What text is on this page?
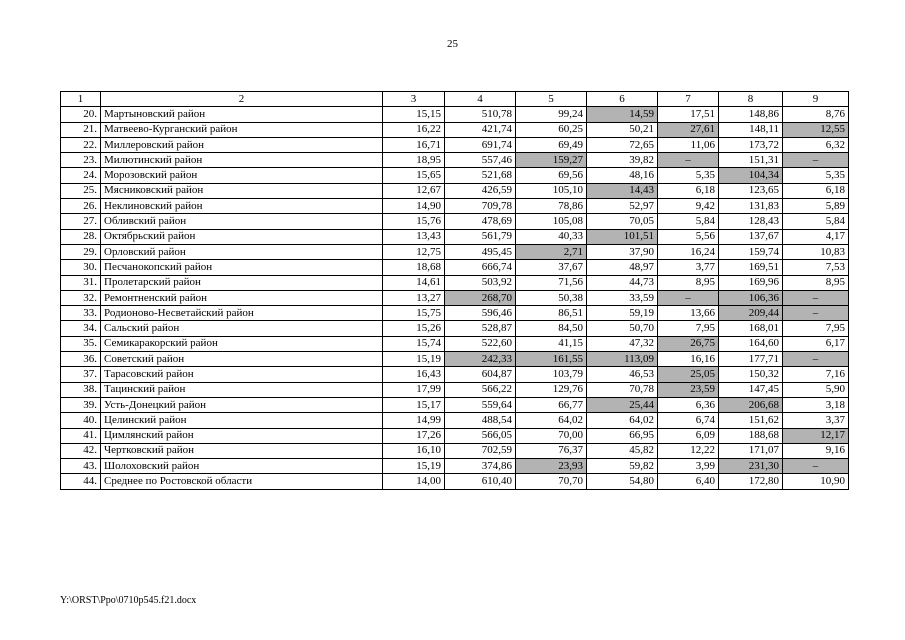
25
1	2	3	4	5	6	7	8	9
20.	Мартыновский район	15,15	510,78	99,24	14,59	17,51	148,86	8,76
21.	Матвеево-Курганский район	16,22	421,74	60,25	50,21	27,61	148,11	12,55
22.	Миллеровский район	16,71	691,74	69,49	72,65	11,06	173,72	6,32
23.	Милютинский район	18,95	557,46	159,27	39,82	–	151,31	–
24.	Морозовский район	15,65	521,68	69,56	48,16	5,35	104,34	5,35
25.	Мясниковский район	12,67	426,59	105,10	14,43	6,18	123,65	6,18
26.	Неклиновский район	14,90	709,78	78,86	52,97	9,42	131,83	5,89
27.	Обливский район	15,76	478,69	105,08	70,05	5,84	128,43	5,84
28.	Октябрьский район	13,43	561,79	40,33	101,51	5,56	137,67	4,17
29.	Орловский район	12,75	495,45	2,71	37,90	16,24	159,74	10,83
30.	Песчанокопский район	18,68	666,74	37,67	48,97	3,77	169,51	7,53
31.	Пролетарский район	14,61	503,92	71,56	44,73	8,95	169,96	8,95
32.	Ремонтненский район	13,27	268,70	50,38	33,59	–	106,36	–
33.	Родионово-Несветайский район	15,75	596,46	86,51	59,19	13,66	209,44	–
34.	Сальский район	15,26	528,87	84,50	50,70	7,95	168,01	7,95
35.	Семикаракорский район	15,74	522,60	41,15	47,32	26,75	164,60	6,17
36.	Советский район	15,19	242,33	161,55	113,09	16,16	177,71	–
37.	Тарасовский район	16,43	604,87	103,79	46,53	25,05	150,32	7,16
38.	Тацинский район	17,99	566,22	129,76	70,78	23,59	147,45	5,90
39.	Усть-Донецкий район	15,17	559,64	66,77	25,44	6,36	206,68	3,18
40.	Целинский район	14,99	488,54	64,02	64,02	6,74	151,62	3,37
41.	Цимлянский район	17,26	566,05	70,00	66,95	6,09	188,68	12,17
42.	Чертковский район	16,10	702,59	76,37	45,82	12,22	171,07	9,16
43.	Шолоховский район	15,19	374,86	23,93	59,82	3,99	231,30	–
44.	Среднее по Ростовской области	14,00	610,40	70,70	54,80	6,40	172,80	10,90
Y:\ORST\Ppo\0710p545.f21.docx
